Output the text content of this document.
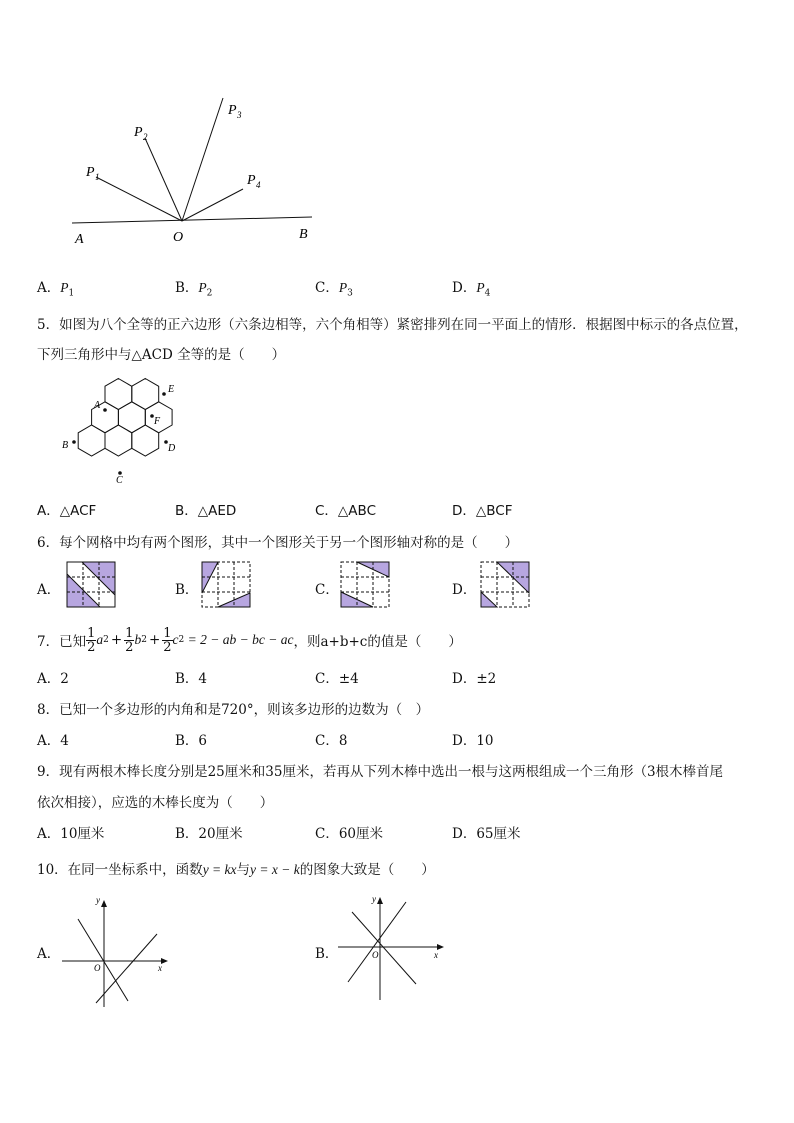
P 1
P 2
P 3
P 4
A	O	B
A．$P_1$	B．$P_2$	C．$P_3$	D．$P_4$
5．如图为八个全等的正六边形（六条边相等，六个角相等）紧密排列在同一平面上的情形．根据图中标示的各点位置，
下列三角形中与△ACD 全等的是（　　）
A
E
F
B	D
C
A．△ACF	B．△AED	C．△ABC	D．△BCF
6．每个网格中均有两个图形，其中一个图形关于另一个图形轴对称的是（　　）
A．	B．	C．	D．
7．已知 $\frac{1}{2}$ a $2 + \frac{1}{2}$ b $2 + \frac{1}{2}$ c 2 = 2 − ab − bc − ac ，则a+b+c的值是（　　）
A．2	B．4	C．±4	D．±2
8．已知一个多边形的内角和是720°，则该多边形的边数为（　）
A．4	B．6	C．8	D．10
9．现有两根木棒长度分别是25厘米和35厘米，若再从下列木棒中选出一根与这两根组成一个三角形（3根木棒首尾
依次相接），应选的木棒长度为（　　）
A．10厘米	B．20厘米	C．60厘米	D．65厘米
10．在同一坐标系中，函数y = kx与y = x − k的图象大致是（　　）
A．
y
x
O
B．
y
x
O
